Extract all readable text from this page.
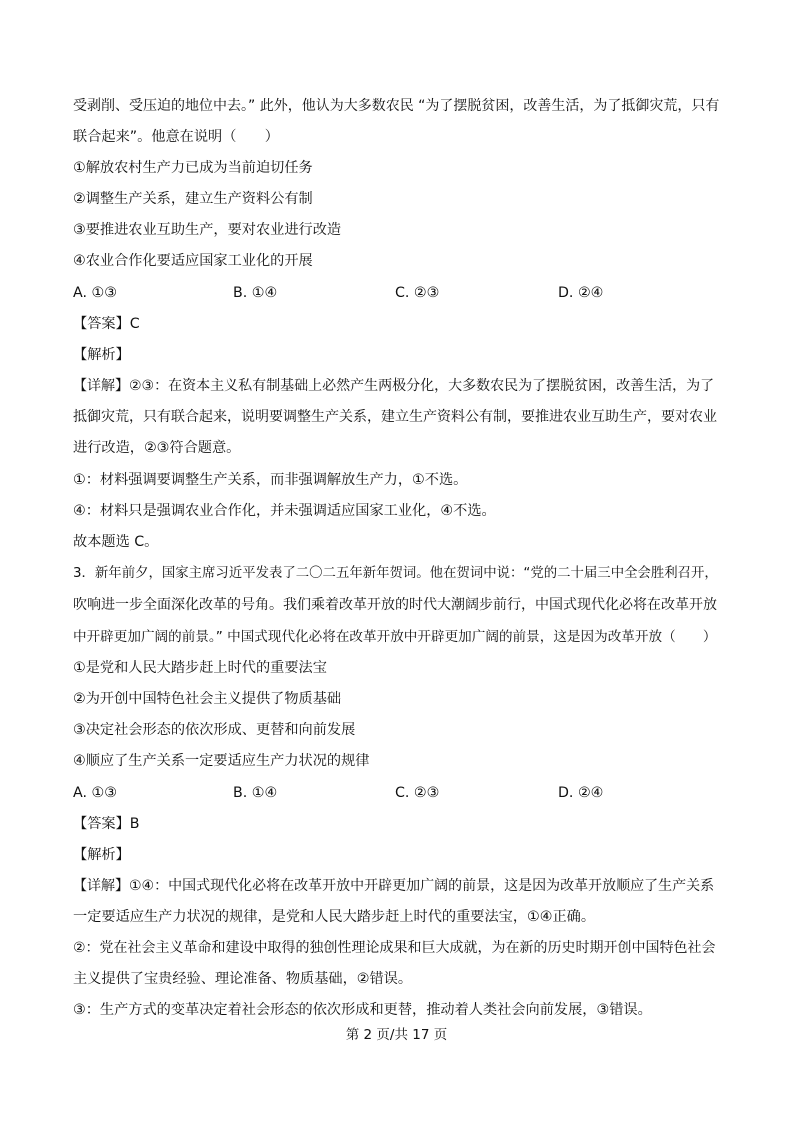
受剥削、受压迫的地位中去。” 此外，他认为大多数农民 “为了摆脱贫困，改善生活，为了抵御灾荒，只有
联合起来”。他意在说明（　　）
①解放农村生产力已成为当前迫切任务
②调整生产关系，建立生产资料公有制
③要推进农业互助生产，要对农业进行改造
④农业合作化要适应国家工业化的开展
A. ①③	B. ①④	C. ②③	D. ②④
【答案】C
【解析】
【详解】②③：在资本主义私有制基础上必然产生两极分化，大多数农民为了摆脱贫困，改善生活，为了
抵御灾荒，只有联合起来，说明要调整生产关系，建立生产资料公有制，要推进农业互助生产，要对农业
进行改造，②③符合题意。
①：材料强调要调整生产关系，而非强调解放生产力，①不选。
④：材料只是强调农业合作化，并未强调适应国家工业化，④不选。
故本题选 C。
3．新年前夕，国家主席习近平发表了二〇二五年新年贺词。他在贺词中说：“党的二十届三中全会胜利召开，
吹响进一步全面深化改革的号角。我们乘着改革开放的时代大潮阔步前行，中国式现代化必将在改革开放
中开辟更加广阔的前景。” 中国式现代化必将在改革开放中开辟更加广阔的前景，这是因为改革开放（　　）
①是党和人民大踏步赶上时代的重要法宝
②为开创中国特色社会主义提供了物质基础
③决定社会形态的依次形成、更替和向前发展
④顺应了生产关系一定要适应生产力状况的规律
A. ①③	B. ①④	C. ②③	D. ②④
【答案】B
【解析】
【详解】①④：中国式现代化必将在改革开放中开辟更加广阔的前景，这是因为改革开放顺应了生产关系
一定要适应生产力状况的规律，是党和人民大踏步赶上时代的重要法宝，①④正确。
②：党在社会主义革命和建设中取得的独创性理论成果和巨大成就，为在新的历史时期开创中国特色社会
主义提供了宝贵经验、理论准备、物质基础，②错误。
③：生产方式的变革决定着社会形态的依次形成和更替，推动着人类社会向前发展，③错误。
第 2 页/共 17 页
